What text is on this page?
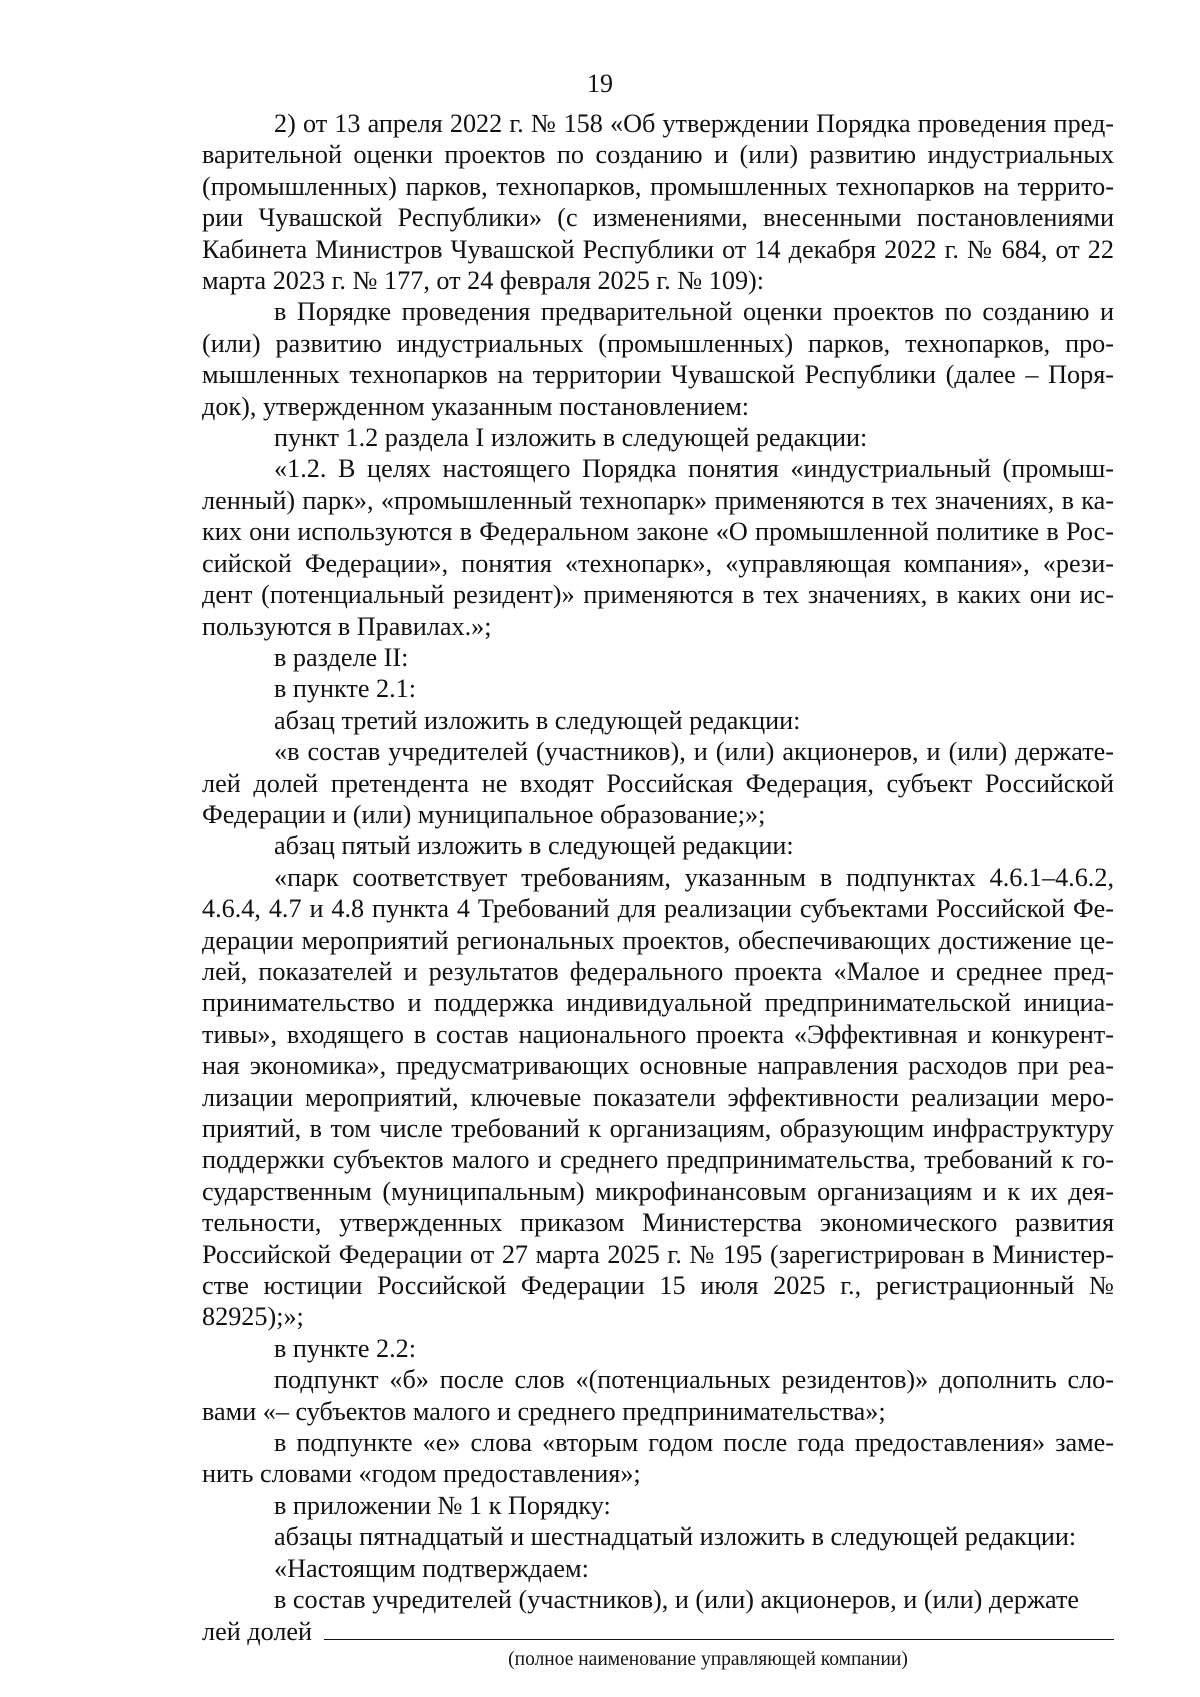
19

2) от 13 апреля 2022 г. № 158 «Об утверждении Порядка проведения предварительной оценки проектов по созданию и (или) развитию индустриальных (промышленных) парков, технопарков, промышленных технопарков на территории Чувашской Республики» (с изменениями, внесенными постановлениями Кабинета Министров Чувашской Республики от 14 декабря 2022 г. № 684, от 22 марта 2023 г. № 177, от 24 февраля 2025 г. № 109):

в Порядке проведения предварительной оценки проектов по созданию и (или) развитию индустриальных (промышленных) парков, технопарков, промышленных технопарков на территории Чувашской Республики (далее – Порядок), утвержденном указанным постановлением:

пункт 1.2 раздела I изложить в следующей редакции:

«1.2. В целях настоящего Порядка понятия «индустриальный (промышленный) парк», «промышленный технопарк» применяются в тех значениях, в каких они используются в Федеральном законе «О промышленной политике в Российской Федерации», понятия «технопарк», «управляющая компания», «резидент (потенциальный резидент)» применяются в тех значениях, в каких они используются в Правилах.»;

в разделе II:

в пункте 2.1:

абзац третий изложить в следующей редакции:

«в состав учредителей (участников), и (или) акционеров, и (или) держателей долей претендента не входят Российская Федерация, субъект Российской Федерации и (или) муниципальное образование;»;

абзац пятый изложить в следующей редакции:

«парк соответствует требованиям, указанным в подпунктах 4.6.1–4.6.2, 4.6.4, 4.7 и 4.8 пункта 4 Требований для реализации субъектами Российской Федерации мероприятий региональных проектов, обеспечивающих достижение целей, показателей и результатов федерального проекта «Малое и среднее предпринимательство и поддержка индивидуальной предпринимательской инициативы», входящего в состав национального проекта «Эффективная и конкурентная экономика», предусматривающих основные направления расходов при реализации мероприятий, ключевые показатели эффективности реализации мероприятий, в том числе требований к организациям, образующим инфраструктуру поддержки субъектов малого и среднего предпринимательства, требований к государственным (муниципальным) микрофинансовым организациям и к их деятельности, утвержденных приказом Министерства экономического развития Российской Федерации от 27 марта 2025 г. № 195 (зарегистрирован в Министерстве юстиции Российской Федерации 15 июля 2025 г., регистрационный № 82925);»;

в пункте 2.2:

подпункт «б» после слов «(потенциальных резидентов)» дополнить словами «– субъектов малого и среднего предпринимательства»;

в подпункте «е» слова «вторым годом после года предоставления» заменить словами «годом предоставления»;

в приложении № 1 к Порядку:

абзацы пятнадцатый и шестнадцатый изложить в следующей редакции:

«Настоящим подтверждаем:

в состав учредителей (участников), и (или) акционеров, и (или) держате

лей долей
(полное наименование управляющей компании)
